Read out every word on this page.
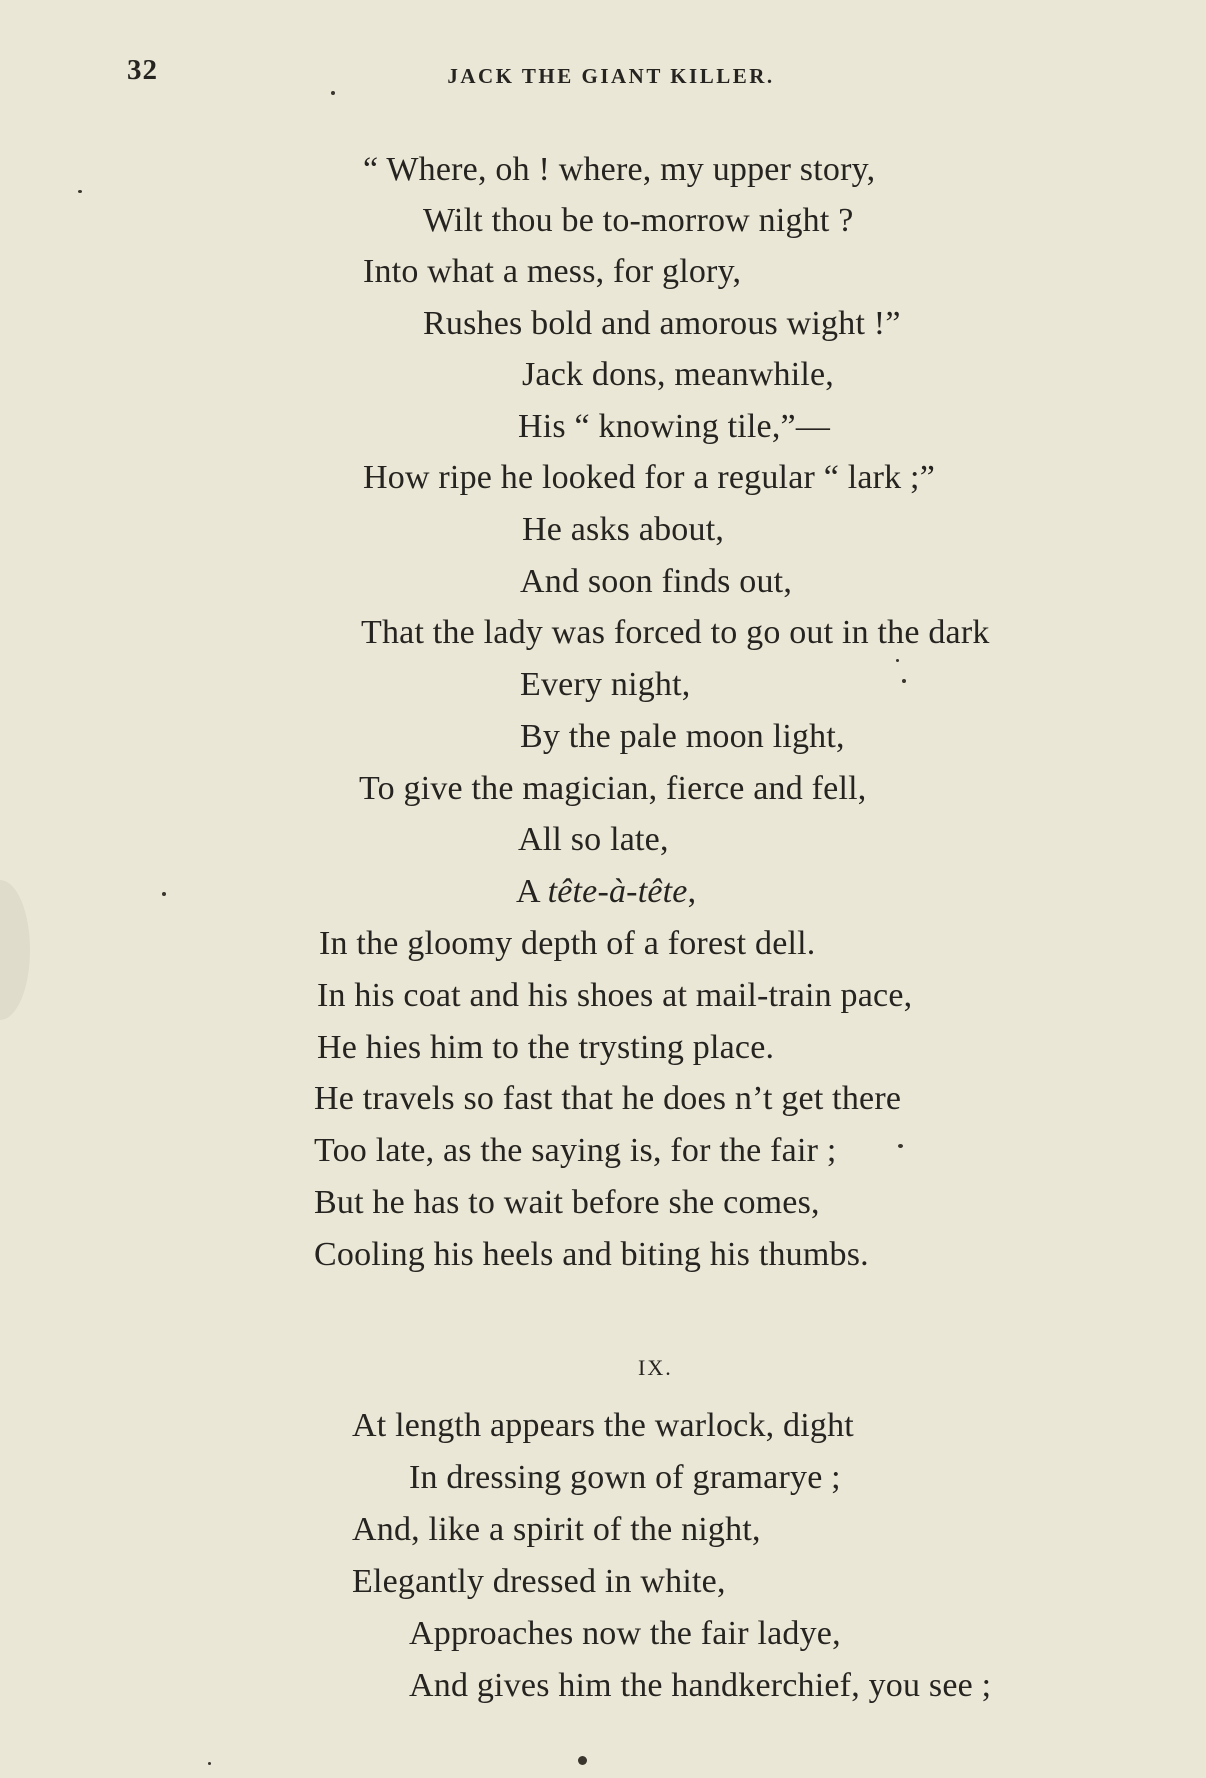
32	JACK THE GIANT KILLER.
“ Where, oh ! where, my upper story,
Wilt thou be to-morrow night ?
Into what a mess, for glory,
Rushes bold and amorous wight !”
Jack dons, meanwhile,
His “ knowing tile,”—
How ripe he looked for a regular “ lark ;”
He asks about,
And soon finds out,
That the lady was forced to go out in the dark
Every night,
By the pale moon light,
To give the magician, fierce and fell,
All so late,
A tête-à-tête,
In the gloomy depth of a forest dell.
In his coat and his shoes at mail-train pace,
He hies him to the trysting place.
He travels so fast that he does n’t get there
Too late, as the saying is, for the fair ;
But he has to wait before she comes,
Cooling his heels and biting his thumbs.
IX.
At length appears the warlock, dight
In dressing gown of gramarye ;
And, like a spirit of the night,
Elegantly dressed in white,
Approaches now the fair ladye,
And gives him the handkerchief, you see ;
